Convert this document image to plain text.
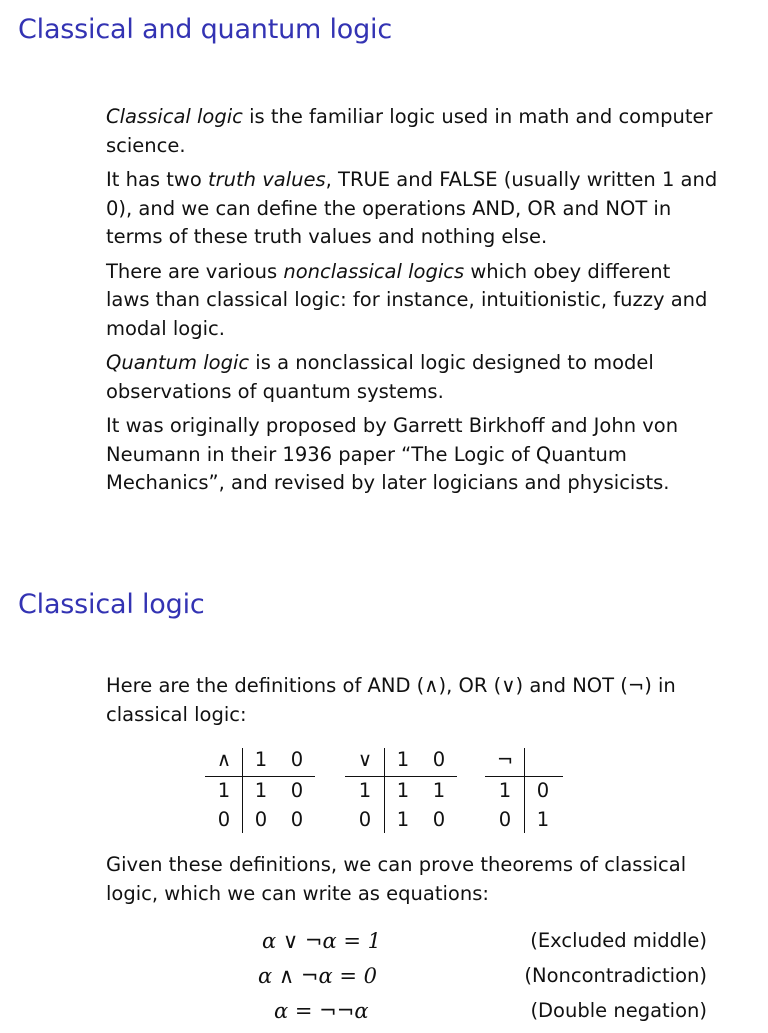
Classical and quantum logic

Classical logic is the familiar logic used in math and computer science.

It has two truth values, TRUE and FALSE (usually written 1 and 0), and we can define the operations AND, OR and NOT in terms of these truth values and nothing else.

There are various nonclassical logics which obey different laws than classical logic: for instance, intuitionistic, fuzzy and modal logic.

Quantum logic is a nonclassical logic designed to model observations of quantum systems.

It was originally proposed by Garrett Birkhoff and John von Neumann in their 1936 paper “The Logic of Quantum Mechanics”, and revised by later logicians and physicists.

Classical logic

Here are the definitions of AND (∧), OR (∨) and NOT (¬) in classical logic:

∧	1	0
1	1	0
0	0	0
∨	1	0
1	1	1
0	1	0
¬
1	0
0	1

Given these definitions, we can prove theorems of classical logic, which we can write as equations:

α ∨ ¬α = 1	(Excluded middle)
α ∧ ¬α = 0	(Noncontradiction)
α = ¬¬α	(Double negation)
